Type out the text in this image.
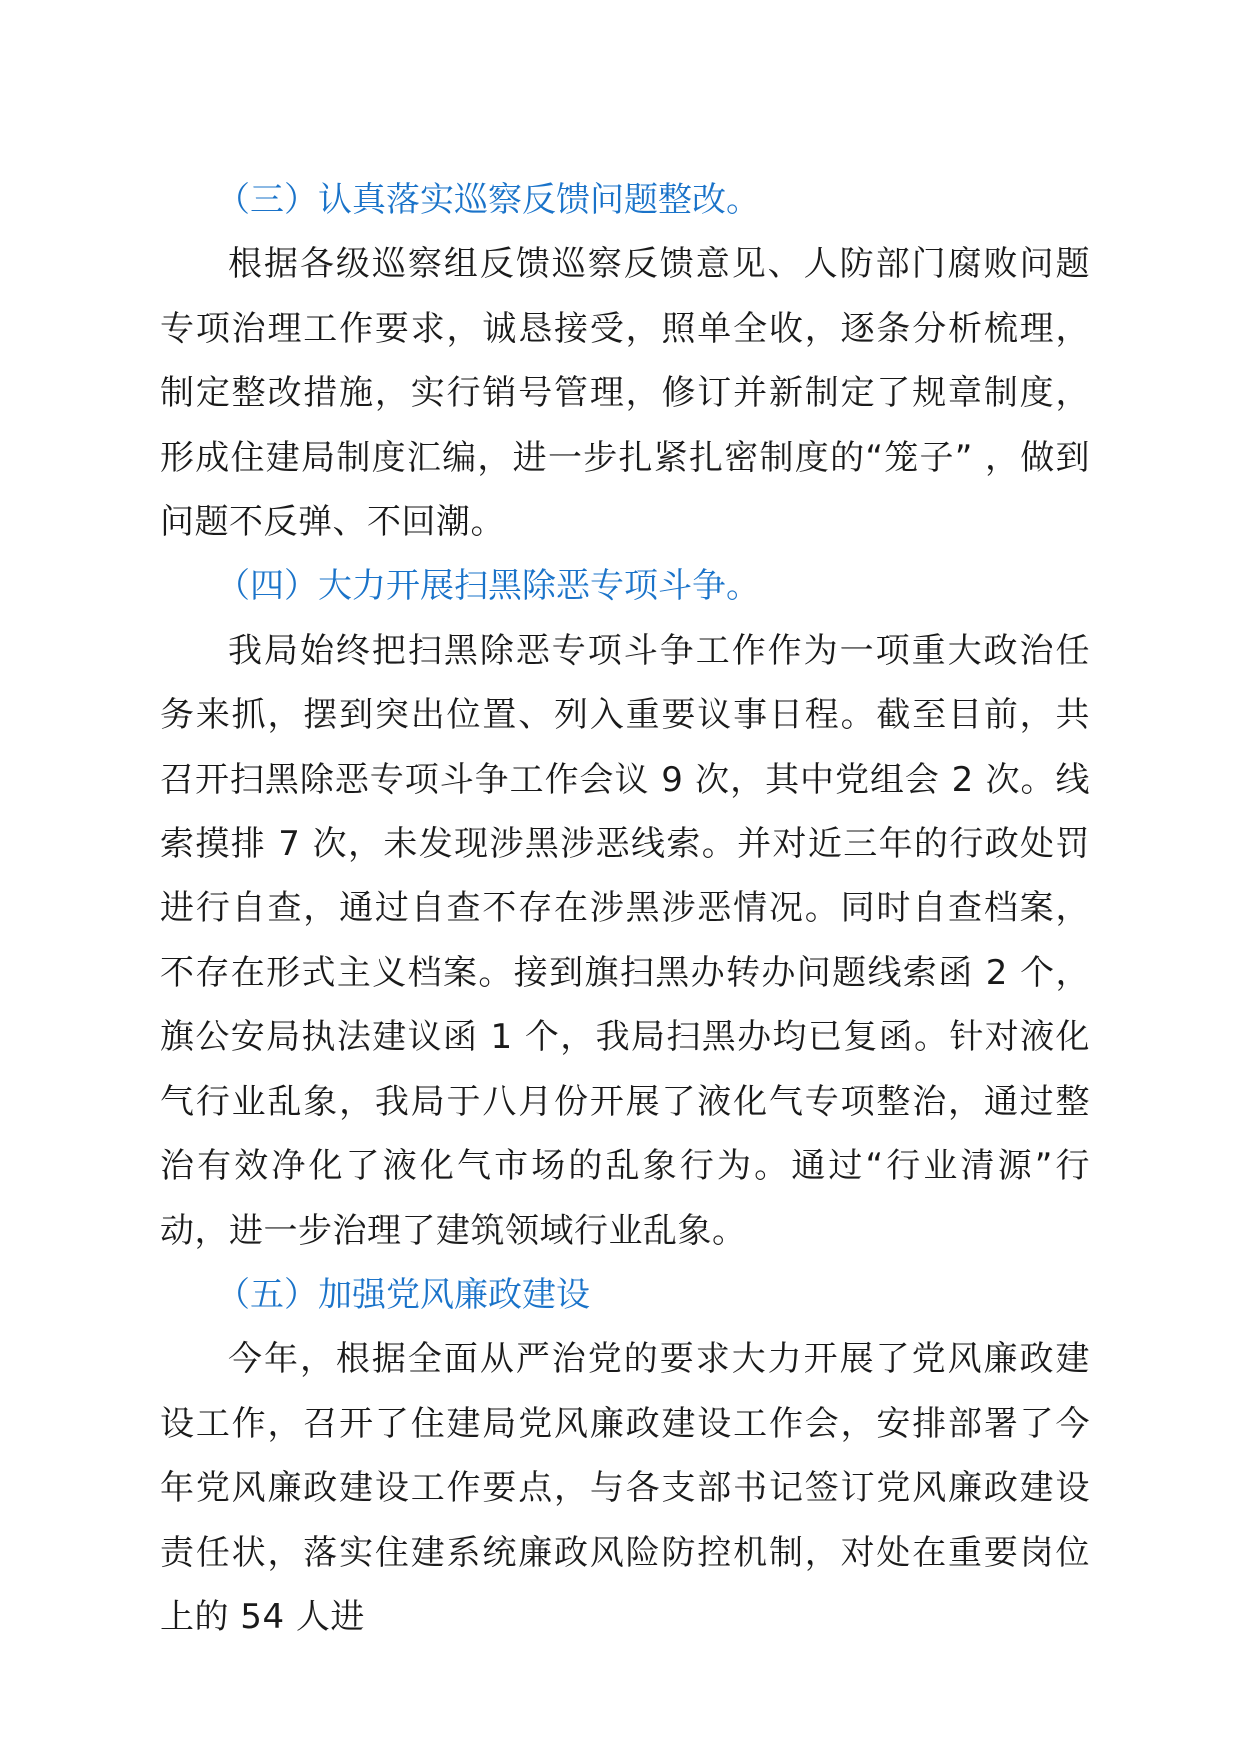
（三）认真落实巡察反馈问题整改。

根据各级巡察组反馈巡察反馈意见、人防部门腐败问题专项治理工作要求，诚恳接受，照单全收，逐条分析梳理，制定整改措施，实行销号管理，修订并新制定了规章制度，形成住建局制度汇编，进一步扎紧扎密制度的“笼子” ，做到问题不反弹、不回潮。

（四）大力开展扫黑除恶专项斗争。

我局始终把扫黑除恶专项斗争工作作为一项重大政治任务来抓，摆到突出位置、列入重要议事日程。截至目前，共召开扫黑除恶专项斗争工作会议 9 次，其中党组会 2 次。线索摸排 7 次，未发现涉黑涉恶线索。并对近三年的行政处罚进行自查，通过自查不存在涉黑涉恶情况。同时自查档案，不存在形式主义档案。接到旗扫黑办转办问题线索函 2 个，旗公安局执法建议函 1 个，我局扫黑办均已复函。针对液化气行业乱象，我局于八月份开展了液化气专项整治，通过整治有效净化了液化气市场的乱象行为。通过“行业清源”行动，进一步治理了建筑领域行业乱象。

（五）加强党风廉政建设

今年，根据全面从严治党的要求大力开展了党风廉政建设工作，召开了住建局党风廉政建设工作会，安排部署了今年党风廉政建设工作要点，与各支部书记签订党风廉政建设责任状，落实住建系统廉政风险防控机制，对处在重要岗位上的 54 人进
